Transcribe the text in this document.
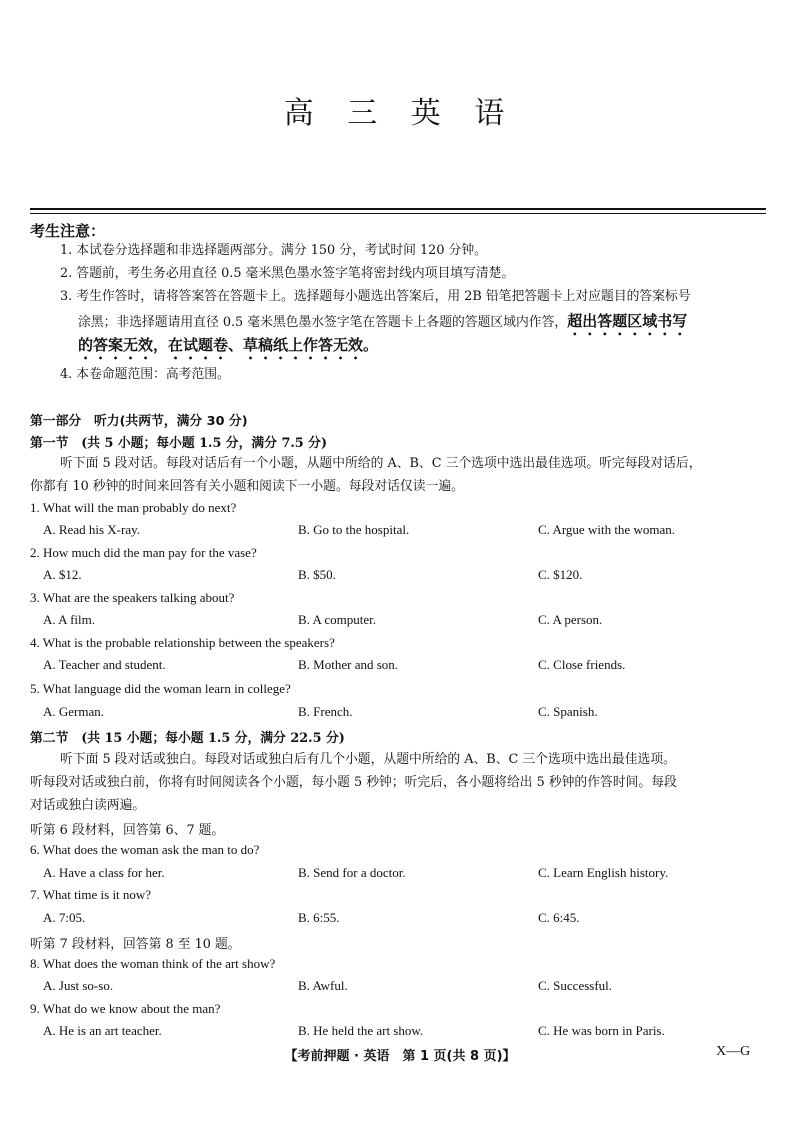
高 三 英 语
考生注意：
1. 本试卷分选择题和非选择题两部分。满分 150 分，考试时间 120 分钟。
2. 答题前，考生务必用直径 0.5 毫米黑色墨水签字笔将密封线内项目填写清楚。
3. 考生作答时，请将答案答在答题卡上。选择题每小题选出答案后，用 2B 铅笔把答题卡上对应题目的答案标号
涂黑；非选择题请用直径 0.5 毫米黑色墨水签字笔在答题卡上各题的答题区域内作答，超出答题区域书写
的答案无效，在试题卷、草稿纸上作答无效。
4. 本卷命题范围：高考范围。
第一部分　听力(共两节，满分 30 分)
第一节　(共 5 小题；每小题 1.5 分，满分 7.5 分)
听下面 5 段对话。每段对话后有一个小题，从题中所给的 A、B、C 三个选项中选出最佳选项。听完每段对话后，
你都有 10 秒钟的时间来回答有关小题和阅读下一小题。每段对话仅读一遍。
1. What will the man probably do next?
A. Read his X-ray.	B. Go to the hospital.	C. Argue with the woman.
2. How much did the man pay for the vase?
A. $12.	B. $50.	C. $120.
3. What are the speakers talking about?
A. A film.	B. A computer.	C. A person.
4. What is the probable relationship between the speakers?
A. Teacher and student.	B. Mother and son.	C. Close friends.
5. What language did the woman learn in college?
A. German.	B. French.	C. Spanish.
第二节　(共 15 小题；每小题 1.5 分，满分 22.5 分)
听下面 5 段对话或独白。每段对话或独白后有几个小题，从题中所给的 A、B、C 三个选项中选出最佳选项。
听每段对话或独白前，你将有时间阅读各个小题，每小题 5 秒钟；听完后，各小题将给出 5 秒钟的作答时间。每段
对话或独白读两遍。
听第 6 段材料，回答第 6、7 题。
6. What does the woman ask the man to do?
A. Have a class for her.	B. Send for a doctor.	C. Learn English history.
7. What time is it now?
A. 7:05.	B. 6:55.	C. 6:45.
听第 7 段材料，回答第 8 至 10 题。
8. What does the woman think of the art show?
A. Just so-so.	B. Awful.	C. Successful.
9. What do we know about the man?
A. He is an art teacher.	B. He held the art show.	C. He was born in Paris.
【考前押题 · 英语　第 1 页(共 8 页)】	X—G
